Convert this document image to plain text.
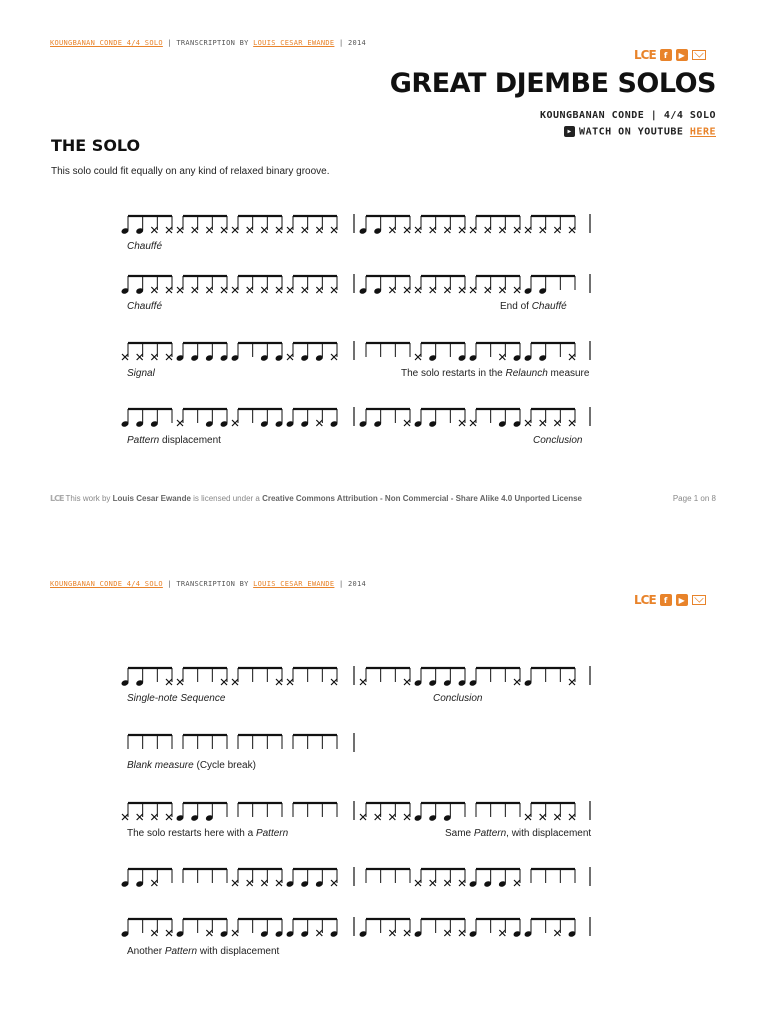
KOUNGBANAN CONDE 4/4 SOLO | TRANSCRIPTION BY LOUIS CESAR EWANDE | 2014
LCE	f	▶
GREAT DJEMBE SOLOS
KOUNGBANAN CONDE | 4/4 SOLO
▶ WATCH ON YOUTUBE HERE
THE SOLO
This solo could fit equally on any kind of relaxed binary groove.
Chauffé
Chauffé	End of Chauffé
Signal	The solo restarts in the Relaunch measure
Pattern displacement	Conclusion
LCE This work by Louis Cesar Ewande is licensed under a Creative Commons Attribution - Non Commercial - Share Alike 4.0 Unported License	Page 1 on 8
KOUNGBANAN CONDE 4/4 SOLO | TRANSCRIPTION BY LOUIS CESAR EWANDE | 2014
LCE	f	▶
Single-note Sequence	Conclusion
Blank measure (Cycle break)
The solo restarts here with a Pattern	Same Pattern, with displacement
Another Pattern with displacement
